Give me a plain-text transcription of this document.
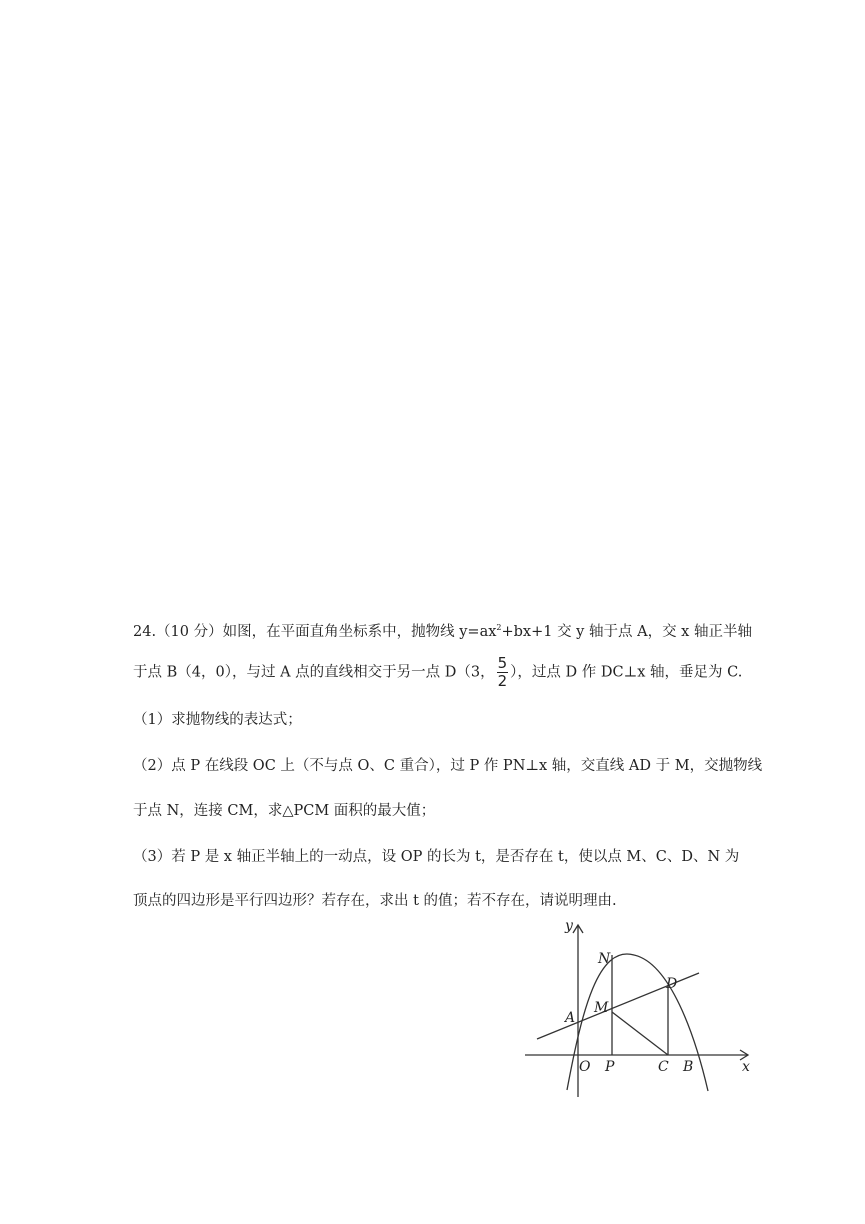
24.（10 分）如图，在平面直角坐标系中，抛物线 $y=ax^2+bx+1$ 交 y 轴于点 A，交 x 轴正半轴
于点 B（4，0），与过 A 点的直线相交于另一点 D（3， $\frac{5}{2}$ ），过点 D 作 DC⊥x 轴，垂足为 C.
（1）求抛物线的表达式；
（2）点 P 在线段 OC 上（不与点 O、C 重合），过 P 作 PN⊥x 轴，交直线 AD 于 M，交抛物线
于点 N，连接 CM，求△PCM 面积的最大值；
（3）若 P 是 x 轴正半轴上的一动点，设 OP 的长为 t，是否存在 t，使以点 M、C、D、N 为
顶点的四边形是平行四边形？若存在，求出 t 的值；若不存在，请说明理由.
y
x
N
D
A
M
O P	C B
